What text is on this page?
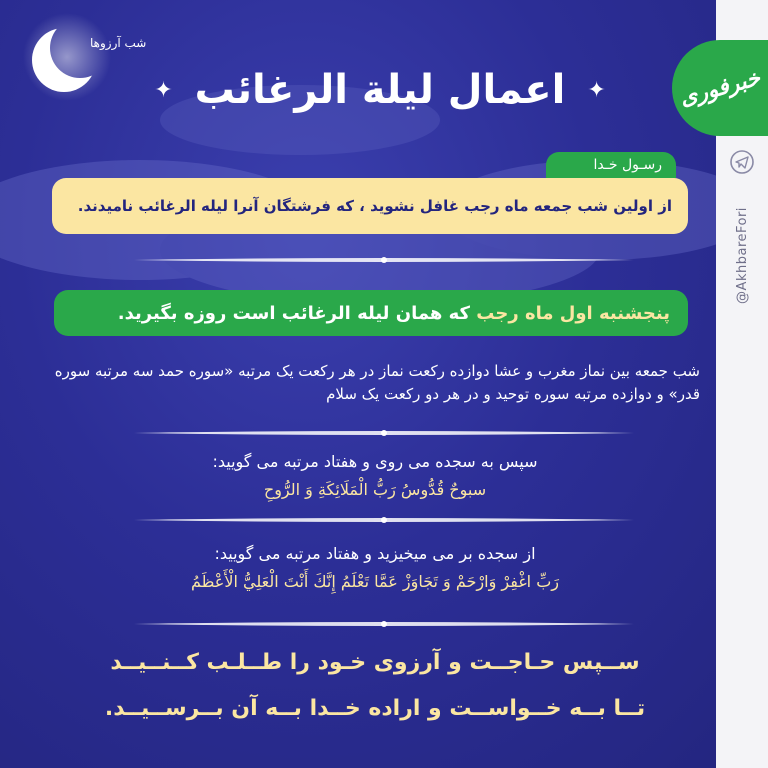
خبرفوری
@AkhbareFori
شب آرزوها
✦ اعمال لیلة الرغائب ✦
رسـول خـدا
از اولین شب جمعه ماه رجب غافل نشوید ، که فرشتگان آنرا لیله الرغائب نامیدند.
پنجشنبه اول ماه رجب که همان لیله الرغائب است روزه بگیرید.
شب جمعه بین نماز مغرب و عشا دوازده رکعت نماز در هر رکعت یک مرتبه «سوره حمد سه مرتبه سوره قدر» و دوازده مرتبه سوره توحید و در هر دو رکعت یک سلام
سپس به سجده می روی و هفتاد مرتبه می گویید:
سبوحٌ قُدُّوسُ رَبُّ الْمَلَائِکَةِ وَ الرُّوحِ
از سجده بر می میخیزید و هفتاد مرتبه می گویید:
رَبِّ اغْفِرْ وَارْحَمْ وَ تَجَاوَزْ عَمَّا تَعْلَمُ إِنَّكَ أَنْتَ الْعَلِيُّ الْأَعْظَمُ
ســپس حـاجــت و آرزوی خـود را طــلـب کــنــیــد
تــا بــه خــواســت و اراده خــدا بــه آن بــرســیــد.
